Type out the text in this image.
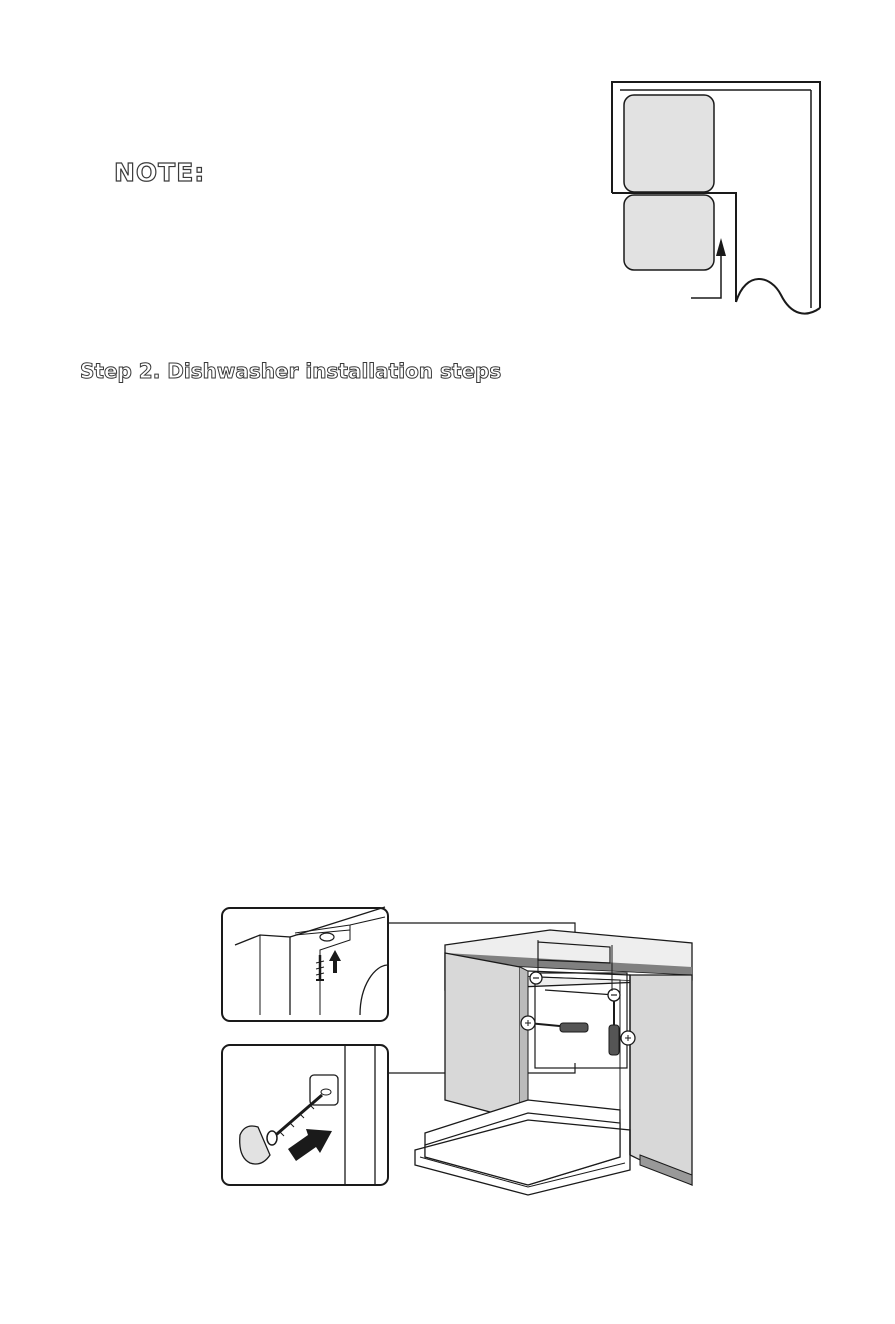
NOTE:
Step 2. Dishwasher installation steps
